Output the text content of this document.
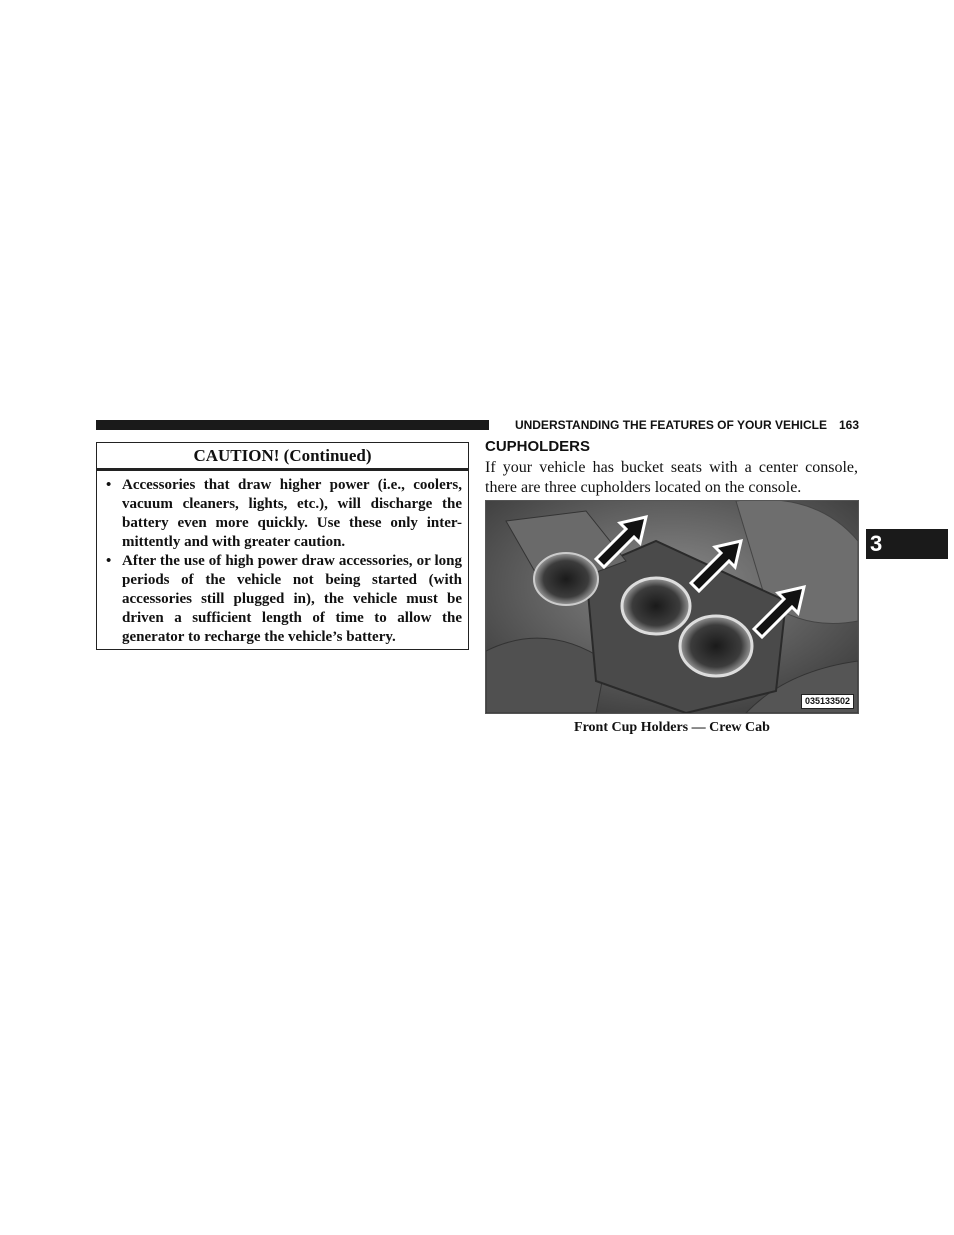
UNDERSTANDING THE FEATURES OF YOUR VEHICLE 163
3
CAUTION! (Continued)
• Accessories that draw higher power (i.e., coolers, vacuum cleaners, lights, etc.), will discharge the battery even more quickly. Use these only inter-mittently and with greater caution.
• After the use of high power draw accessories, or long periods of the vehicle not being started (with accessories still plugged in), the vehicle must be driven a sufficient length of time to allow the generator to recharge the vehicle’s battery.
CUPHOLDERS
If your vehicle has bucket seats with a center console, there are three cupholders located on the console.
035133502
Front Cup Holders — Crew Cab
